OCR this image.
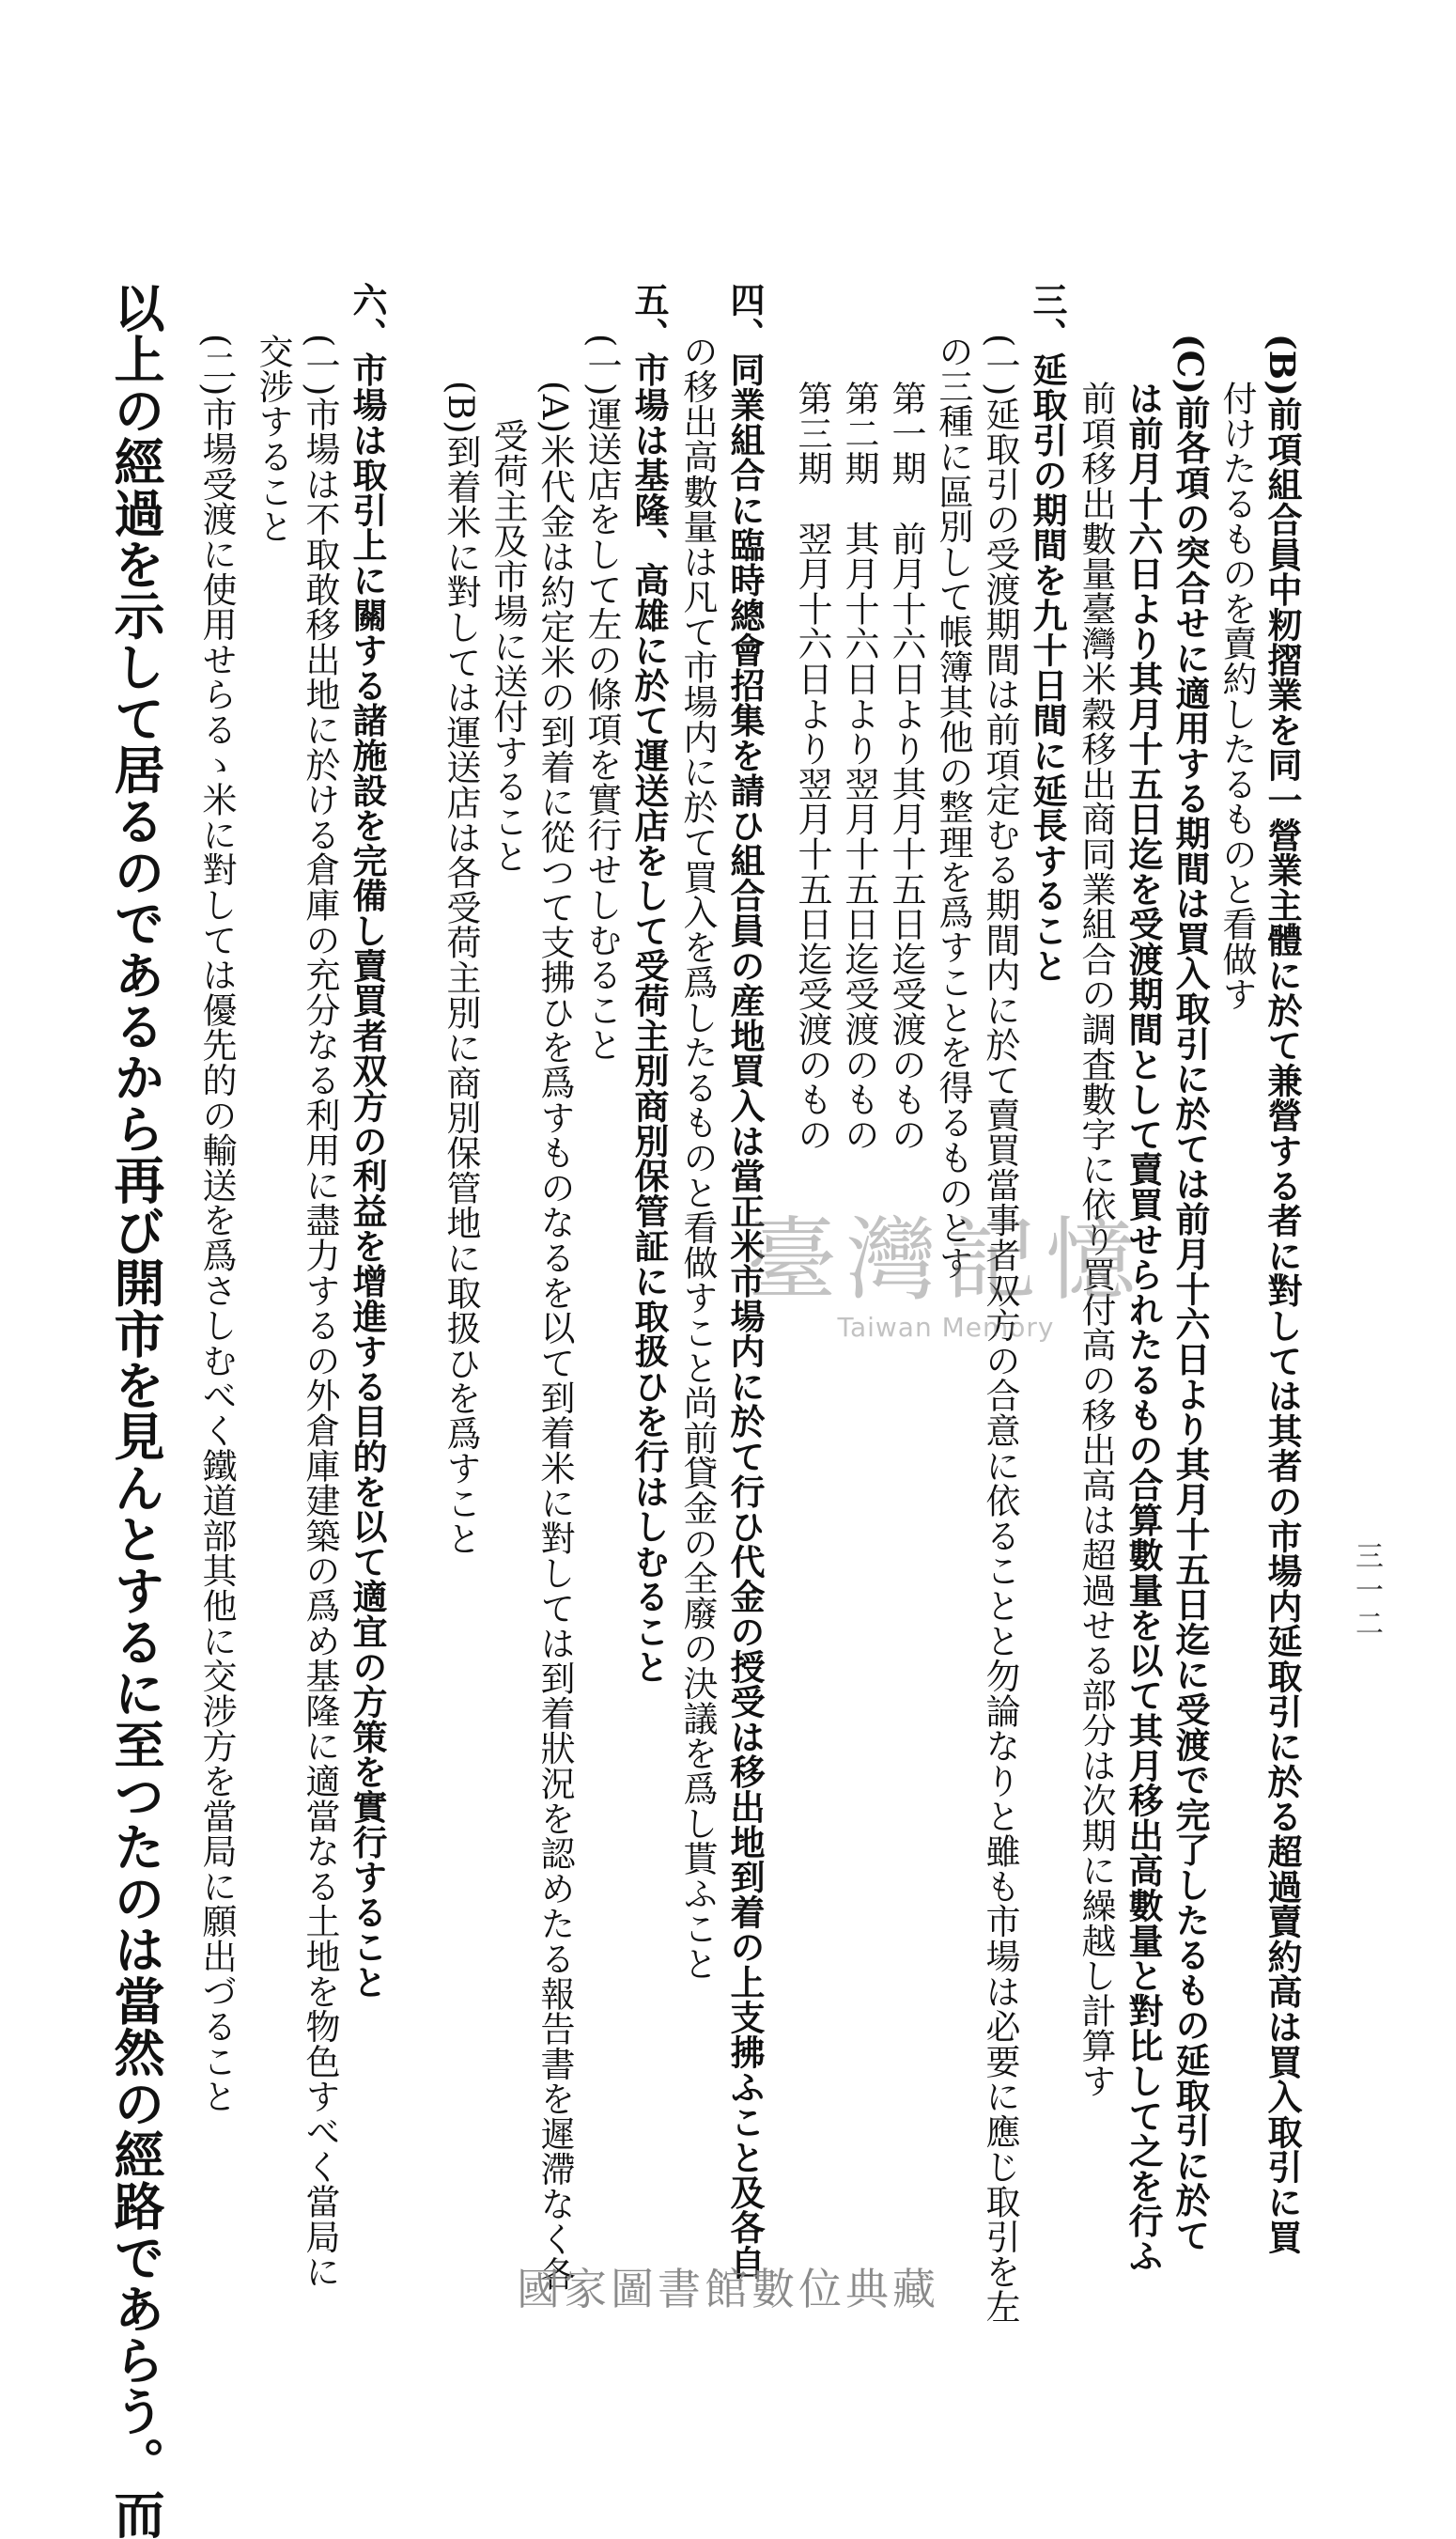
三一二
(B)前項組合員中籾摺業を同一營業主體に於て兼營する者に對しては其者の市場内延取引に於る超過賣約高は買入取引に買
付けたるものを賣約したるものと看做す
(C)前各項の突合せに適用する期間は買入取引に於ては前月十六日より其月十五日迄に受渡で完了したるもの延取引に於て
は前月十六日より其月十五日迄を受渡期間として賣買せられたるもの合算數量を以て其月移出高數量と對比して之を行ふ
前項移出數量臺灣米穀移出商同業組合の調査數字に依り買付高の移出高は超過せる部分は次期に繰越し計算す
三、延取引の期間を九十日間に延長すること
(一)延取引の受渡期間は前項定むる期間内に於て賣買當事者双方の合意に依ることと勿論なりと雖も市場は必要に應じ取引を左
の三種に區別して帳簿其他の整理を爲すことを得るものとす
第一期　前月十六日より其月十五日迄受渡のもの
第二期　其月十六日より翌月十五日迄受渡のもの
第三期　翌月十六日より翌月十五日迄受渡のもの
四、同業組合に臨時總會招集を請ひ組合員の産地買入は當正米市場内に於て行ひ代金の授受は移出地到着の上支拂ふこと及各自
の移出高數量は凡て市場内に於て買入を爲したるものと看做すこと尚前貸金の全廢の決議を爲し貰ふこと
五、市場は基隆、高雄に於て運送店をして受荷主別商別保管証に取扱ひを行はしむること
(一)運送店をして左の條項を實行せしむること
(A)米代金は約定米の到着に從つて支拂ひを爲すものなるを以て到着米に對しては到着狀況を認めたる報告書を遲滯なく各
受荷主及市場に送付すること
(B)到着米に對しては運送店は各受荷主別に商別保管地に取扱ひを爲すこと
六、市場は取引上に關する諸施設を完備し賣買者双方の利益を增進する目的を以て適宜の方策を實行すること
(一)市場は不取敢移出地に於ける倉庫の充分なる利用に盡力するの外倉庫建築の爲め基隆に適當なる土地を物色すべく當局に
交涉すること
(二)市場受渡に使用せらるゝ米に對しては優先的の輸送を爲さしむべく鐵道部其他に交涉方を當局に願出づること
以上の經過を示して居るのであるから再び開市を見んとするに至つたのは當然の經路であらう。而	臺灣記憶
Taiwan Memory
國家圖書館數位典藏
